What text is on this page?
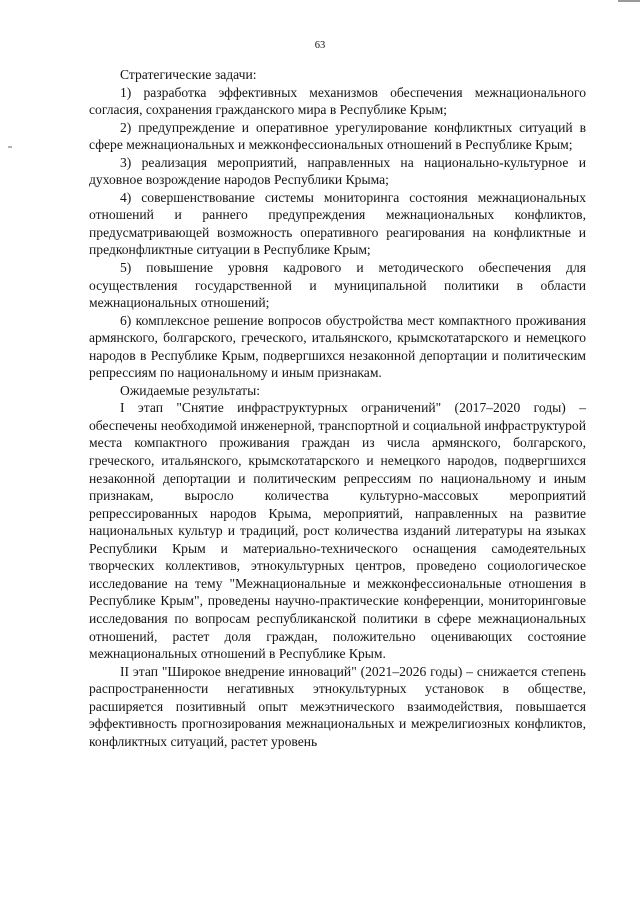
63

Стратегические задачи:

1) разработка эффективных механизмов обеспечения межнационального согласия, сохранения гражданского мира в Республике Крым;

2) предупреждение и оперативное урегулирование конфликтных ситуаций в сфере межнациональных и межконфессиональных отношений в Республике Крым;

3) реализация мероприятий, направленных на национально-культурное и духовное возрождение народов Республики Крыма;

4) совершенствование системы мониторинга состояния межнациональных отношений и раннего предупреждения межнациональных конфликтов, предусматривающей возможность оперативного реагирования на конфликтные и предконфликтные ситуации в Республике Крым;

5) повышение уровня кадрового и методического обеспечения для осуществления государственной и муниципальной политики в области межнациональных отношений;

6) комплексное решение вопросов обустройства мест компактного проживания армянского, болгарского, греческого, итальянского, крымскотатарского и немецкого народов в Республике Крым, подвергшихся незаконной депортации и политическим репрессиям по национальному и иным признакам.

Ожидаемые результаты:

I этап "Снятие инфраструктурных ограничений" (2017–2020 годы) – обеспечены необходимой инженерной, транспортной и социальной инфраструктурой места компактного проживания граждан из числа армянского, болгарского, греческого, итальянского, крымскотатарского и немецкого народов, подвергшихся незаконной депортации и политическим репрессиям по национальному и иным признакам, выросло количества культурно-массовых мероприятий репрессированных народов Крыма, мероприятий, направленных на развитие национальных культур и традиций, рост количества изданий литературы на языках Республики Крым и материально-технического оснащения самодеятельных творческих коллективов, этнокультурных центров, проведено социологическое исследование на тему "Межнациональные и межконфессиональные отношения в Республике Крым", проведены научно-практические конференции, мониторинговые исследования по вопросам республиканской политики в сфере межнациональных отношений, растет доля граждан, положительно оценивающих состояние межнациональных отношений в Республике Крым.

II этап "Широкое внедрение инноваций" (2021–2026 годы) – снижается степень распространенности негативных этнокультурных установок в обществе, расширяется позитивный опыт межэтнического взаимодействия, повышается эффективность прогнозирования межнациональных и межрелигиозных конфликтов, конфликтных ситуаций, растет уровень
